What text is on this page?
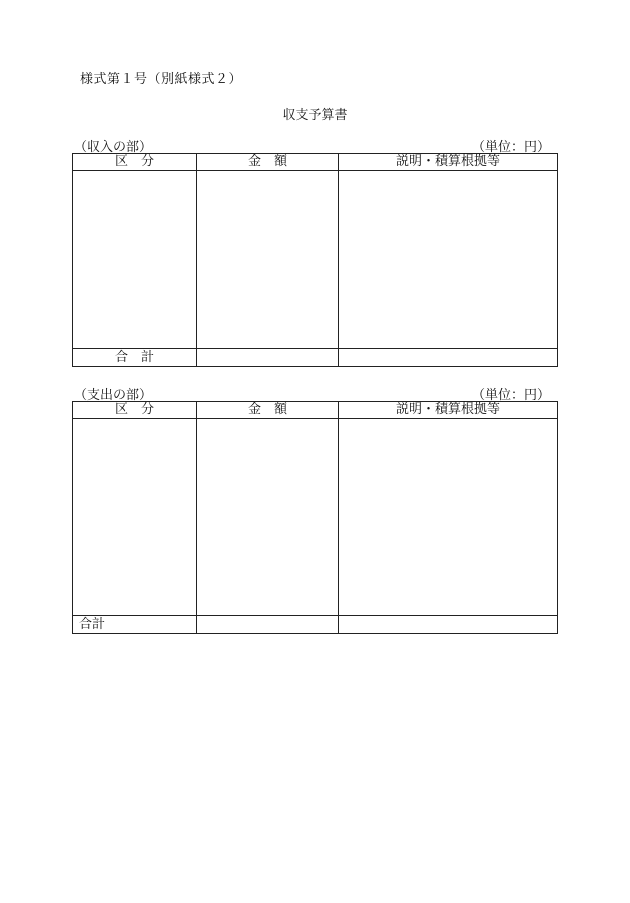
様式第１号（別紙様式２）
収支予算書
（収入の部）	（単位：円）
区　分	金　額	説明・積算根拠等

合　計		
（支出の部）	（単位：円）
区　分	金　額	説明・積算根拠等

合計		
